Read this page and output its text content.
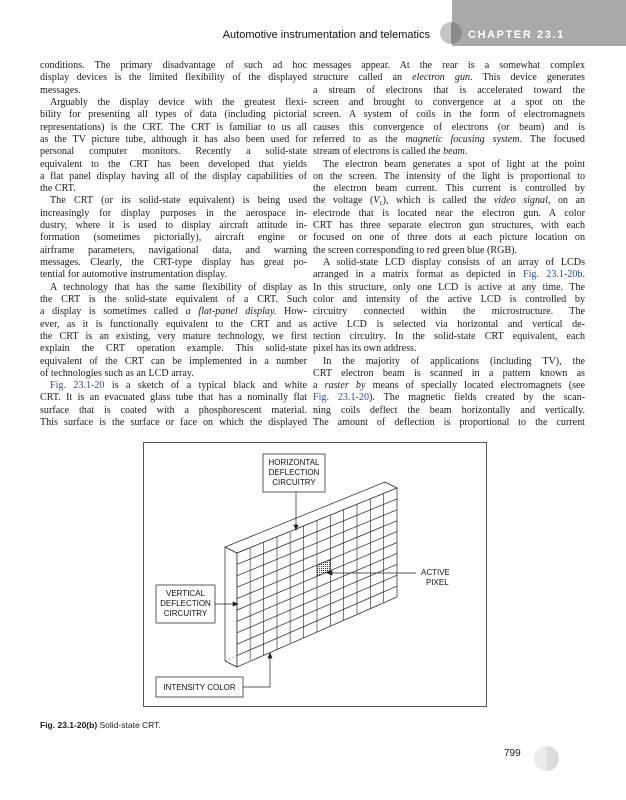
Automotive instrumentation and telematics	CHAPTER 23.1
conditions. The primary disadvantage of such ad hoc
display devices is the limited flexibility of the displayed
messages.
Arguably the display device with the greatest flexi-
bility for presenting all types of data (including pictorial
representations) is the CRT. The CRT is familiar to us all
as the TV picture tube, although it has also been used for
personal computer monitors. Recently a solid-state
equivalent to the CRT has been developed that yields
a flat panel display having all of the display capabilities of
the CRT.
The CRT (or its solid-state equivalent) is being used
increasingly for display purposes in the aerospace in-
dustry, where it is used to display aircraft attitude in-
formation (sometimes pictorially), aircraft engine or
airframe parameters, navigational data, and warning
messages. Clearly, the CRT-type display has great po-
tential for automotive instrumentation display.
A technology that has the same flexibility of display as
the CRT is the solid-state equivalent of a CRT. Such
a display is sometimes called a flat-panel display. How-
ever, as it is functionally equivalent to the CRT and as
the CRT is an existing, very mature technology, we first
explain the CRT operation example. This solid-state
equivalent of the CRT can be implemented in a number
of technologies such as an LCD array.
Fig. 23.1-20 is a sketch of a typical black and white
CRT. It is an evacuated glass tube that has a nominally flat
surface that is coated with a phosphorescent material.
This surface is the surface or face on which the displayed
messages appear. At the rear is a somewhat complex
structure called an electron gun. This device generates
a stream of electrons that is accelerated toward the
screen and brought to convergence at a spot on the
screen. A system of coils in the form of electromagnets
causes this convergence of electrons (or beam) and is
referred to as the magnetic focusing system. The focused
stream of electrons is called the beam.
The electron beam generates a spot of light at the point
on the screen. The intensity of the light is proportional to
the electron beam current. This current is controlled by
the voltage $(V_c)$, which is called the video signal, on an
electrode that is located near the electron gun. A color
CRT has three separate electron gun structures, with each
focused on one of three dots at each picture location on
the screen corresponding to red green blue (RGB).
A solid-state LCD display consists of an array of LCDs
arranged in a matrix format as depicted in Fig. 23.1-20b.
In this structure, only one LCD is active at any time. The
color and intensity of the active LCD is controlled by
circuitry connected within the microstructure. The
active LCD is selected via horizontal and vertical de-
tection circuitry. In the solid-state CRT equivalent, each
pixel has its own address.
In the majority of applications (including TV), the
CRT electron beam is scanned in a pattern known as
a raster by means of specially located electromagnets (see
Fig. 23.1-20). The magnetic fields created by the scan-
ning coils deflect the beam horizontally and vertically.
The amount of deflection is proportional to the current
HORIZONTAL
DEFLECTION
CIRCUITRY
VERTICAL
DEFLECTION
CIRCUITRY
ACTIVE
PIXEL
INTENSITY COLOR
Fig. 23.1-20(b) Solid-state CRT.
799
